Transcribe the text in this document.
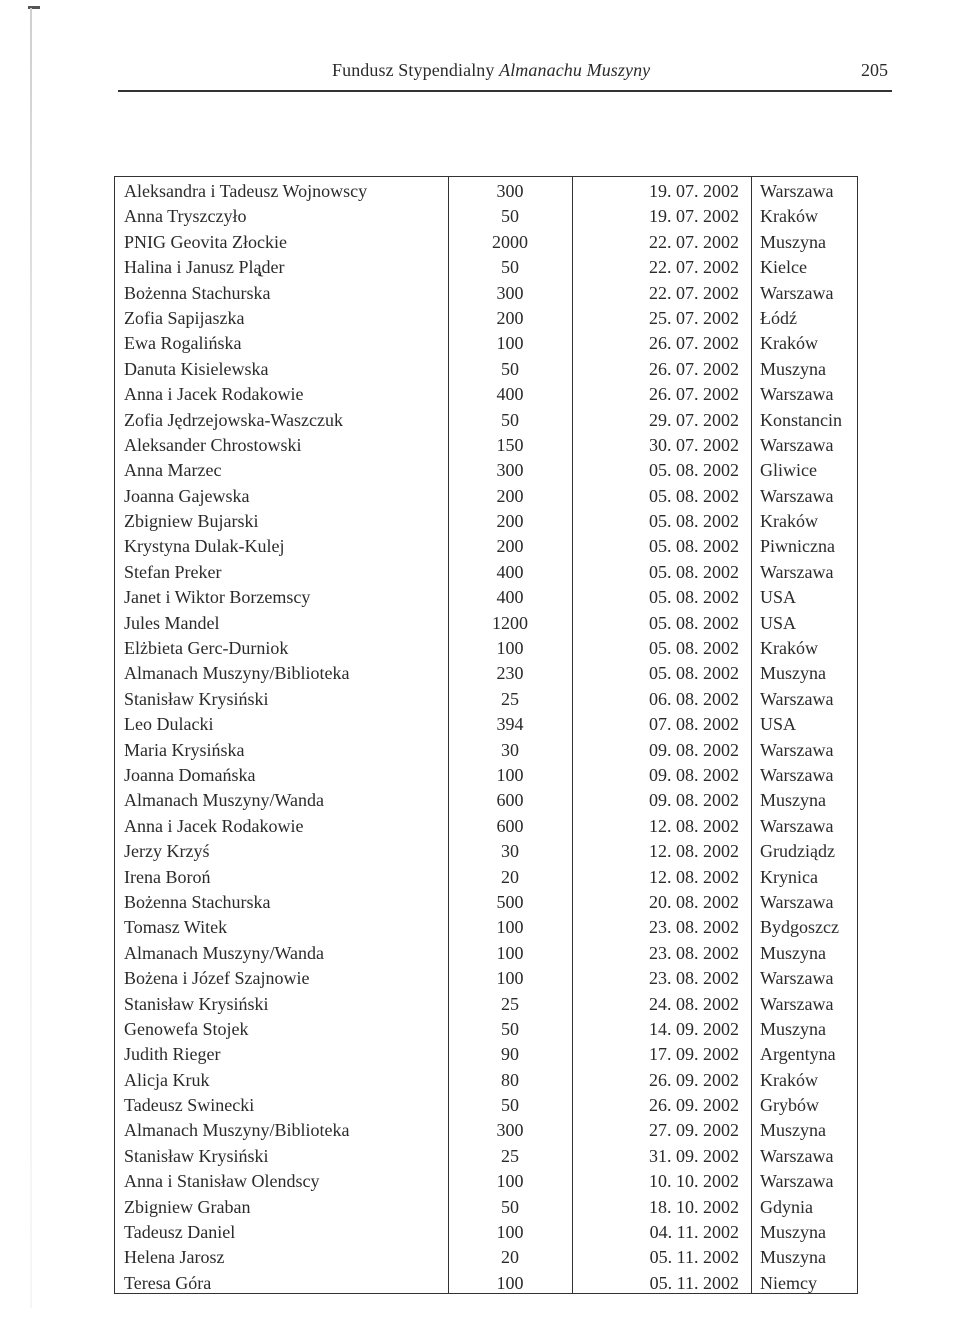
Fundusz Stypendialny Almanachu Muszyny	205
Aleksandra i Tadeusz Wojnowscy	300	19. 07. 2002 Warszawa
Anna Tryszczyło	50	19. 07. 2002 Kraków
PNIG Geovita Złockie	2000	22. 07. 2002 Muszyna
Halina i Janusz Plą̨der	50	22. 07. 2002 Kielce
Bożenna Stachurska	300	22. 07. 2002 Warszawa
Zofia Sapijaszka	200	25. 07. 2002 Łódź
Ewa Rogalińska	100	26. 07. 2002 Kraków
Danuta Kisielewska	50	26. 07. 2002 Muszyna
Anna i Jacek Rodakowie	400	26. 07. 2002 Warszawa
Zofia Jędrzejowska-Waszczuk	50	29. 07. 2002 Konstancin
Aleksander Chrostowski	150	30. 07. 2002 Warszawa
Anna Marzec	300	05. 08. 2002 Gliwice
Joanna Gajewska	200	05. 08. 2002 Warszawa
Zbigniew Bujarski	200	05. 08. 2002 Kraków
Krystyna Dulak-Kulej	200	05. 08. 2002 Piwniczna
Stefan Preker	400	05. 08. 2002 Warszawa
Janet i Wiktor Borzemscy	400	05. 08. 2002 USA
Jules Mandel	1200	05. 08. 2002 USA
Elżbieta Gerc-Durniok	100	05. 08. 2002 Kraków
Almanach Muszyny/Biblioteka	230	05. 08. 2002 Muszyna
Stanisław Krysiński	25	06. 08. 2002 Warszawa
Leo Dulacki	394	07. 08. 2002 USA
Maria Krysińska	30	09. 08. 2002 Warszawa
Joanna Domańska	100	09. 08. 2002 Warszawa
Almanach Muszyny/Wanda	600	09. 08. 2002 Muszyna
Anna i Jacek Rodakowie	600	12. 08. 2002 Warszawa
Jerzy Krzyś	30	12. 08. 2002 Grudziądz
Irena Boroń	20	12. 08. 2002 Krynica
Bożenna Stachurska	500	20. 08. 2002 Warszawa
Tomasz Witek	100	23. 08. 2002 Bydgoszcz
Almanach Muszyny/Wanda	100	23. 08. 2002 Muszyna
Bożena i Józef Szajnowie	100	23. 08. 2002 Warszawa
Stanisław Krysiński	25	24. 08. 2002 Warszawa
Genowefa Stojek	50	14. 09. 2002 Muszyna
Judith Rieger	90	17. 09. 2002 Argentyna
Alicja Kruk	80	26. 09. 2002 Kraków
Tadeusz Swinecki	50	26. 09. 2002 Grybów
Almanach Muszyny/Biblioteka	300	27. 09. 2002 Muszyna
Stanisław Krysiński	25	31. 09. 2002 Warszawa
Anna i Stanisław Olendscy	100	10. 10. 2002 Warszawa
Zbigniew Graban	50	18. 10. 2002 Gdynia
Tadeusz Daniel	100	04. 11. 2002 Muszyna
Helena Jarosz	20	05. 11. 2002 Muszyna
Teresa Góra	100	05. 11. 2002 Niemcy
